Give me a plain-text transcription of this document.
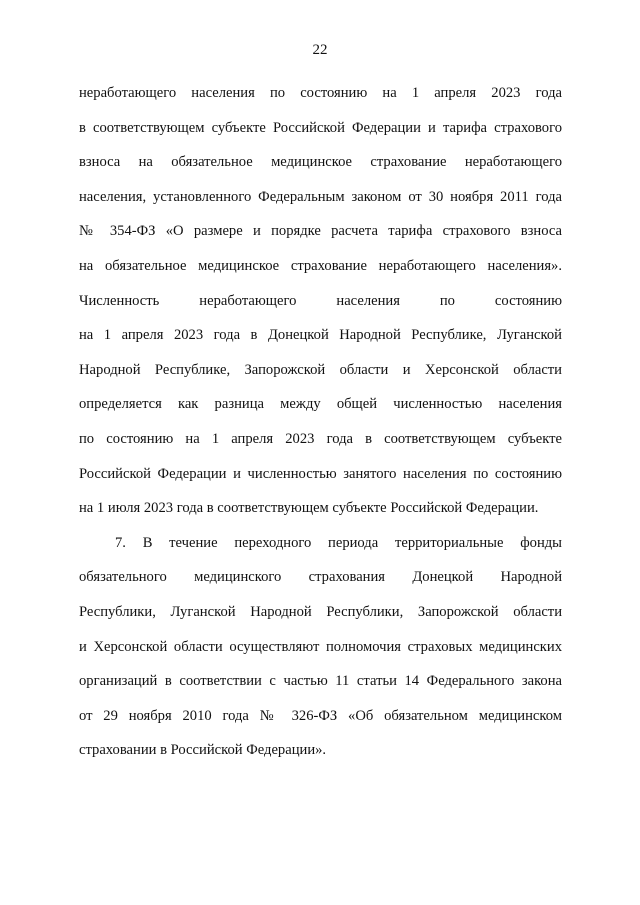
22
неработающего населения по состоянию на 1 апреля 2023 года
в соответствующем субъекте Российской Федерации и тарифа страхового
взноса на обязательное медицинское страхование неработающего
населения, установленного Федеральным законом от 30 ноября 2011 года
№ 354-ФЗ «О размере и порядке расчета тарифа страхового взноса
на обязательное медицинское страхование неработающего населения».
Численность неработающего населения по состоянию
на 1 апреля 2023 года в Донецкой Народной Республике, Луганской
Народной Республике, Запорожской области и Херсонской области
определяется как разница между общей численностью населения
по состоянию на 1 апреля 2023 года в соответствующем субъекте
Российской Федерации и численностью занятого населения по состоянию
на 1 июля 2023 года в соответствующем субъекте Российской Федерации.
7. В течение переходного периода территориальные фонды
обязательного медицинского страхования Донецкой Народной
Республики, Луганской Народной Республики, Запорожской области
и Херсонской области осуществляют полномочия страховых медицинских
организаций в соответствии с частью 11 статьи 14 Федерального закона
от 29 ноября 2010 года № 326-ФЗ «Об обязательном медицинском
страховании в Российской Федерации».
